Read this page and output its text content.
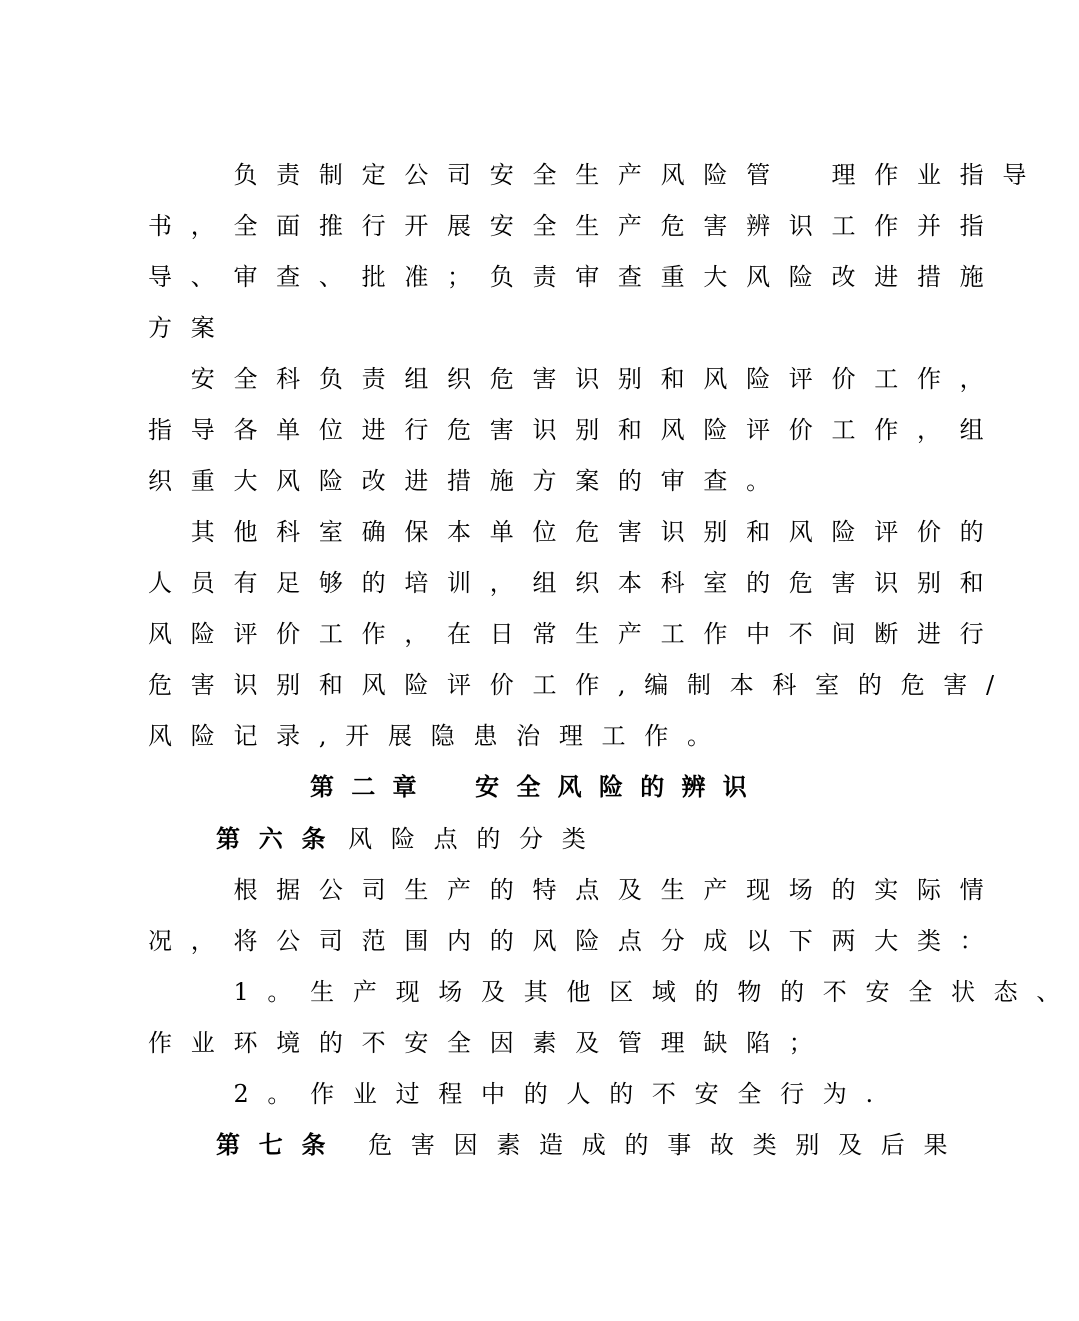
　　负责制定公司安全生产风险管　理作业指导
书，全面推行开展安全生产危害辨识工作并指
导、审查、批准；负责审查重大风险改进措施
方案
　安全科负责组织危害识别和风险评价工作，
指导各单位进行危害识别和风险评价工作，组
织重大风险改进措施方案的审查。
　其他科室确保本单位危害识别和风险评价的
人员有足够的培训，组织本科室的危害识别和
风险评价工作，在日常生产工作中不间断进行
危害识别和风险评价工作,编制本科室的危害/
风险记录,开展隐患治理工作。
第二章　安全风险的辨识
第六条 风险点的分类
　　根据公司生产的特点及生产现场的实际情
况，将公司范围内的风险点分成以下两大类：
　　1。生产现场及其他区域的物的不安全状态、
作业环境的不安全因素及管理缺陷；
　　2。作业过程中的人的不安全行为.
第七条 危害因素造成的事故类别及后果
